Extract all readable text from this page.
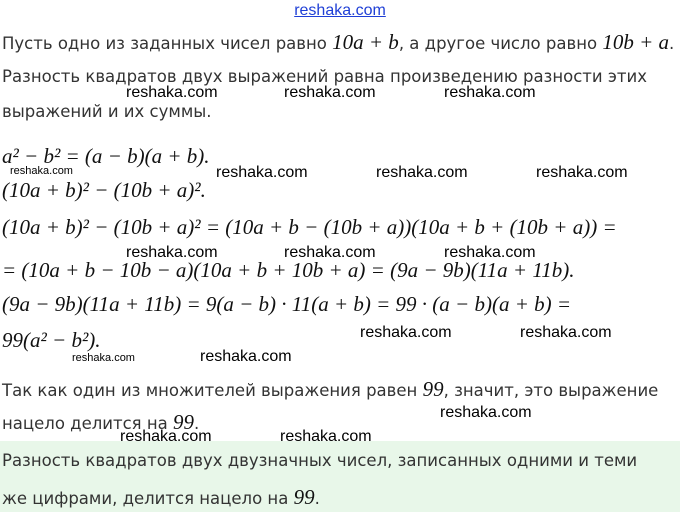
reshaka.com
Пусть одно из заданных чисел равно 10a + b, а другое число равно 10b + a.
Разность квадратов двух выражений равна произведению разности этих
выражений и их суммы.
a² − b² = (a − b)(a + b).
(10a + b)² − (10b + a)².
(10a + b)² − (10b + a)² = (10a + b − (10b + a))(10a + b + (10b + a)) =
= (10a + b − 10b − a)(10a + b + 10b + a) = (9a − 9b)(11a + 11b).
(9a − 9b)(11a + 11b) = 9(a − b) · 11(a + b) = 99 · (a − b)(a + b) =
99(a² − b²).
Так как один из множителей выражения равен 99, значит, это выражение
нацело делится на 99.
Разность квадратов двух двузначных чисел, записанных одними и теми
же цифрами, делится нацело на 99.
reshaka.com	reshaka.com	reshaka.com
reshaka.com	reshaka.com	reshaka.com	reshaka.com
reshaka.com	reshaka.com	reshaka.com
reshaka.com	reshaka.com
reshaka.com	reshaka.com
reshaka.com
reshaka.com	reshaka.com
